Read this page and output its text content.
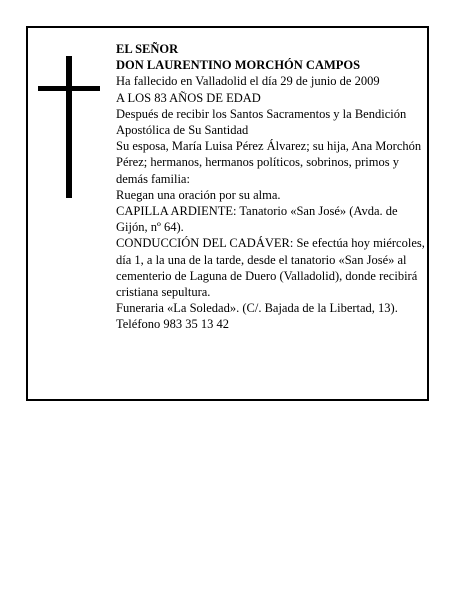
EL SEÑOR

DON LAURENTINO MORCHÓN CAMPOS

Ha fallecido en Valladolid el día 29 de junio de 2009

A LOS 83 AÑOS DE EDAD

Después de recibir los Santos Sacramentos y la Bendición Apostólica de Su Santidad

Su esposa, María Luisa Pérez Álvarez; su hija, Ana Morchón Pérez; hermanos, hermanos políticos, sobrinos, primos y demás familia:

Ruegan una oración por su alma.

CAPILLA ARDIENTE: Tanatorio «San José» (Avda. de Gijón, nº 64).

CONDUCCIÓN DEL CADÁVER: Se efectúa hoy miércoles, día 1, a la una de la tarde, desde el tanatorio «San José» al cementerio de Laguna de Duero (Valladolid), donde recibirá cristiana sepultura.

Funeraria «La Soledad». (C/. Bajada de la Libertad, 13).

Teléfono 983 35 13 42
